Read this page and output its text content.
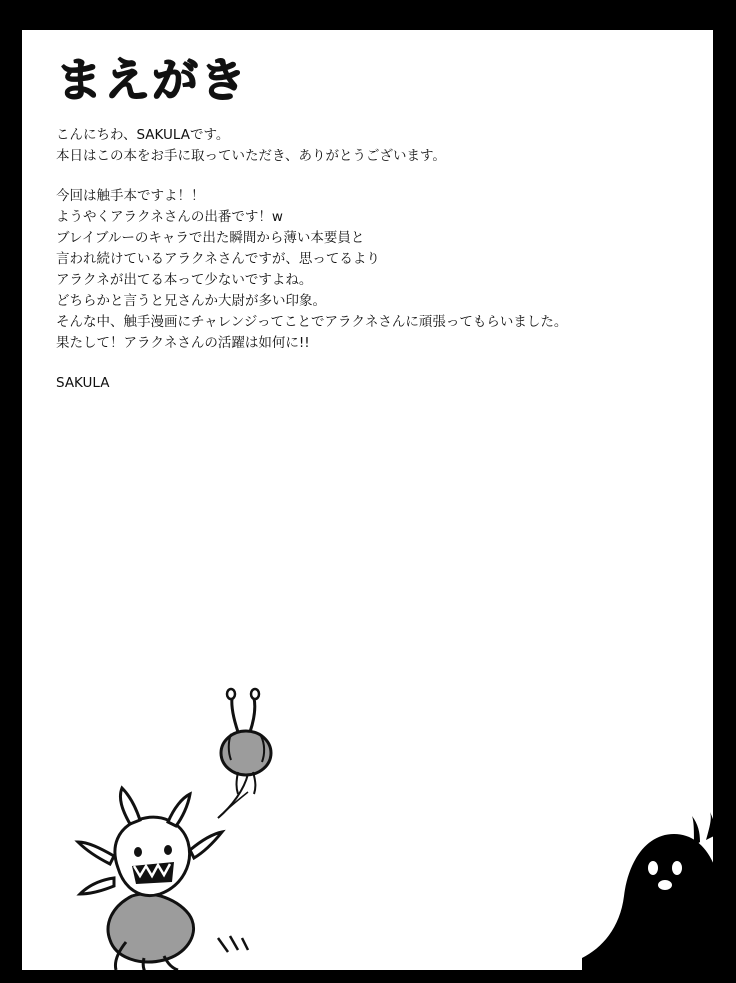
まえがき

こんにちわ、SAKULAです。
本日はこの本をお手に取っていただき、ありがとうございます。

今回は触手本ですよ！！
ようやくアラクネさんの出番です！w
ブレイブルーのキャラで出た瞬間から薄い本要員と
言われ続けているアラクネさんですが、思ってるより
アラクネが出てる本って少ないですよね。
どちらかと言うと兄さんか大尉が多い印象。
そんな中、触手漫画にチャレンジってことでアラクネさんに頑張ってもらいました。
果たして！アラクネさんの活躍は如何に!!

SAKULA
